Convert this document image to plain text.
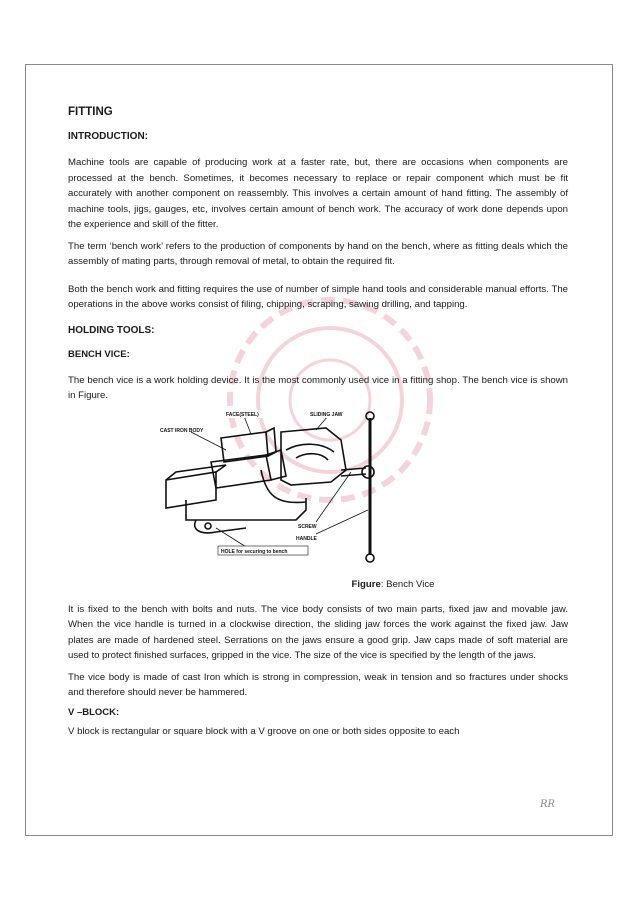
FITTING
INTRODUCTION:

Machine tools are capable of producing work at a faster rate, but, there are occasions when components are processed at the bench. Sometimes, it becomes necessary to replace or repair component which must be fit accurately with another component on reassembly. This involves a certain amount of hand fitting. The assembly of machine tools, jigs, gauges, etc, involves certain amount of bench work. The accuracy of work done depends upon the experience and skill of the fitter.

The term ‘bench work’ refers to the production of components by hand on the bench, where as fitting deals which the assembly of mating parts, through removal of metal, to obtain the required fit.

Both the bench work and fitting requires the use of number of simple hand tools and considerable manual efforts. The operations in the above works consist of filing, chipping, scraping, sawing drilling, and tapping.

HOLDING TOOLS:
BENCH VICE:

The bench vice is a work holding device. It is the most commonly used vice in a fitting shop. The bench vice is shown in Figure.

FACE(STEEL)	SLIDING JAW
CAST IRON BODY
SCREW
HANDLE
HOLE for securing to bench
Figure: Bench Vice

It is fixed to the bench with bolts and nuts. The vice body consists of two main parts, fixed jaw and movable jaw. When the vice handle is turned in a clockwise direction, the sliding jaw forces the work against the fixed jaw. Jaw plates are made of hardened steel. Serrations on the jaws ensure a good grip. Jaw caps made of soft material are used to protect finished surfaces, gripped in the vice. The size of the vice is specified by the length of the jaws.

The vice body is made of cast Iron which is strong in compression, weak in tension and so fractures under shocks and therefore should never be hammered.

V –BLOCK:

V block is rectangular or square block with a V groove on one or both sides opposite to each

RR
